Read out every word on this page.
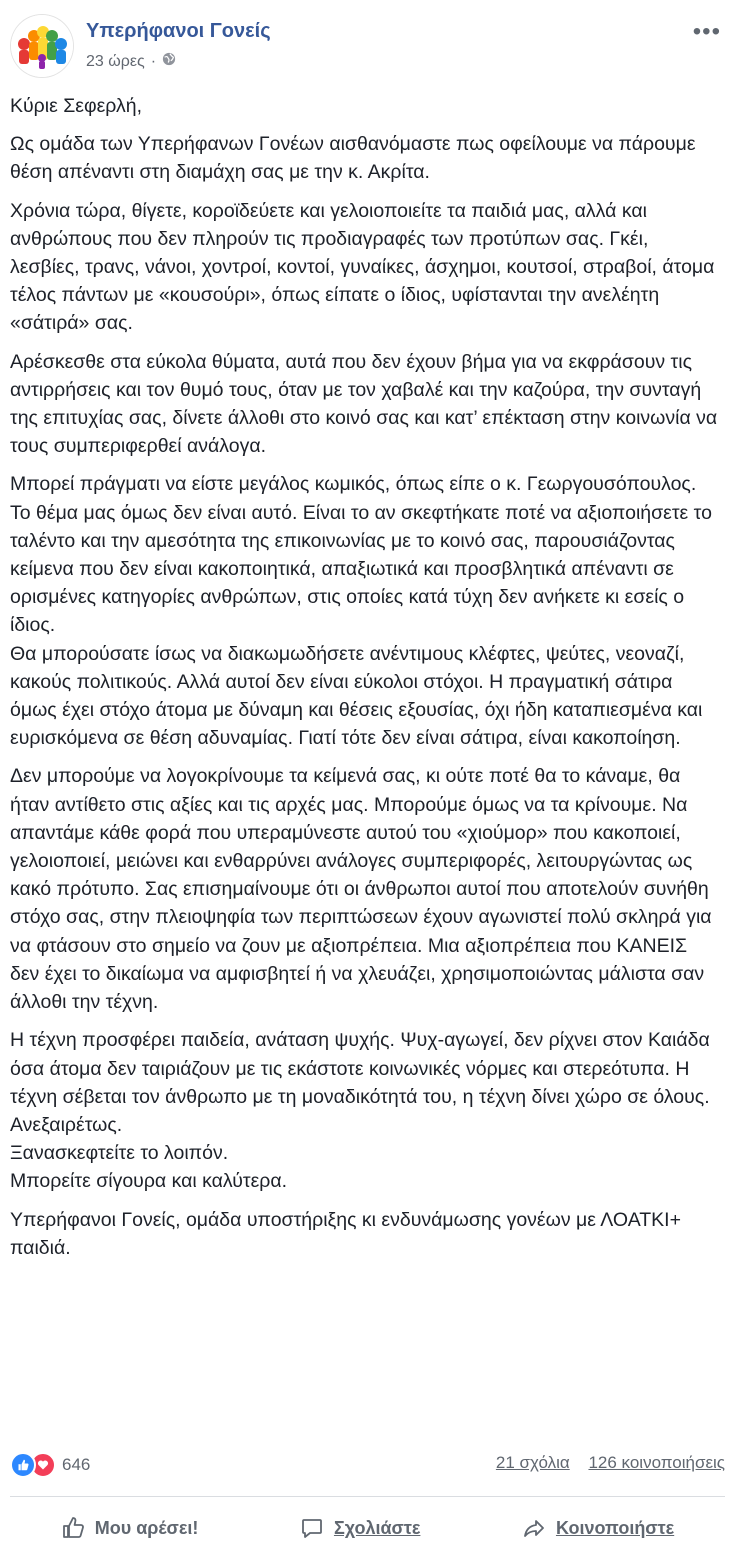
Υπερήφανοι Γονείς
23 ώρες ·
•••

Κύριε Σεφερλή,

Ως ομάδα των Υπερήφανων Γονέων αισθανόμαστε πως οφείλουμε να πάρουμε θέση απέναντι στη διαμάχη σας με την κ. Ακρίτα.

Χρόνια τώρα, θίγετε, κοροϊδεύετε και γελοιοποιείτε τα παιδιά μας, αλλά και ανθρώπους που δεν πληρούν τις προδιαγραφές των προτύπων σας. Γκέι, λεσβίες, τρανς, νάνοι, χοντροί, κοντοί, γυναίκες, άσχημοι, κουτσοί, στραβοί, άτομα τέλος πάντων με «κουσούρι», όπως είπατε ο ίδιος, υφίστανται την ανελέητη «σάτιρά» σας.

Αρέσκεσθε στα εύκολα θύματα, αυτά που δεν έχουν βήμα για να εκφράσουν τις αντιρρήσεις και τον θυμό τους, όταν με τον χαβαλέ και την καζούρα, την συνταγή της επιτυχίας σας, δίνετε άλλοθι στο κοινό σας και κατ’ επέκταση στην κοινωνία να τους συμπεριφερθεί ανάλογα.

Μπορεί πράγματι να είστε μεγάλος κωμικός, όπως είπε ο κ. Γεωργουσόπουλος. Το θέμα μας όμως δεν είναι αυτό. Είναι το αν σκεφτήκατε ποτέ να αξιοποιήσετε το ταλέντο και την αμεσότητα της επικοινωνίας με το κοινό σας, παρουσιάζοντας κείμενα που δεν είναι κακοποιητικά, απαξιωτικά και προσβλητικά απέναντι σε ορισμένες κατηγορίες ανθρώπων, στις οποίες κατά τύχη δεν ανήκετε κι εσείς ο ίδιος.
Θα μπορούσατε ίσως να διακωμωδήσετε ανέντιμους κλέφτες, ψεύτες, νεοναζί, κακούς πολιτικούς. Αλλά αυτοί δεν είναι εύκολοι στόχοι. Η πραγματική σάτιρα όμως έχει στόχο άτομα με δύναμη και θέσεις εξουσίας, όχι ήδη καταπιεσμένα και ευρισκόμενα σε θέση αδυναμίας. Γιατί τότε δεν είναι σάτιρα, είναι κακοποίηση.

Δεν μπορούμε να λογοκρίνουμε τα κείμενά σας, κι ούτε ποτέ θα το κάναμε, θα ήταν αντίθετο στις αξίες και τις αρχές μας. Μπορούμε όμως να τα κρίνουμε. Να απαντάμε κάθε φορά που υπεραμύνεστε αυτού του «χιούμορ» που κακοποιεί, γελοιοποιεί, μειώνει και ενθαρρύνει ανάλογες συμπεριφορές, λειτουργώντας ως κακό πρότυπο. Σας επισημαίνουμε ότι οι άνθρωποι αυτοί που αποτελούν συνήθη στόχο σας, στην πλειοψηφία των περιπτώσεων έχουν αγωνιστεί πολύ σκληρά για να φτάσουν στο σημείο να ζουν με αξιοπρέπεια. Μια αξιοπρέπεια που ΚΑΝΕΙΣ δεν έχει το δικαίωμα να αμφισβητεί ή να χλευάζει, χρησιμοποιώντας μάλιστα σαν άλλοθι την τέχνη.

Η τέχνη προσφέρει παιδεία, ανάταση ψυχής. Ψυχ-αγωγεί, δεν ρίχνει στον Καιάδα όσα άτομα δεν ταιριάζουν με τις εκάστοτε κοινωνικές νόρμες και στερεότυπα. Η τέχνη σέβεται τον άνθρωπο με τη μοναδικότητά του, η τέχνη δίνει χώρο σε όλους. Ανεξαιρέτως.
Ξανασκεφτείτε το λοιπόν.
Μπορείτε σίγουρα και καλύτερα.

Υπερήφανοι Γονείς, ομάδα υποστήριξης κι ενδυνάμωσης γονέων με ΛΟΑΤΚΙ+ παιδιά.

646	21 σχόλια 126 κοινοποιήσεις
Μου αρέσει!	Σχολιάστε	Κοινοποιήστε
